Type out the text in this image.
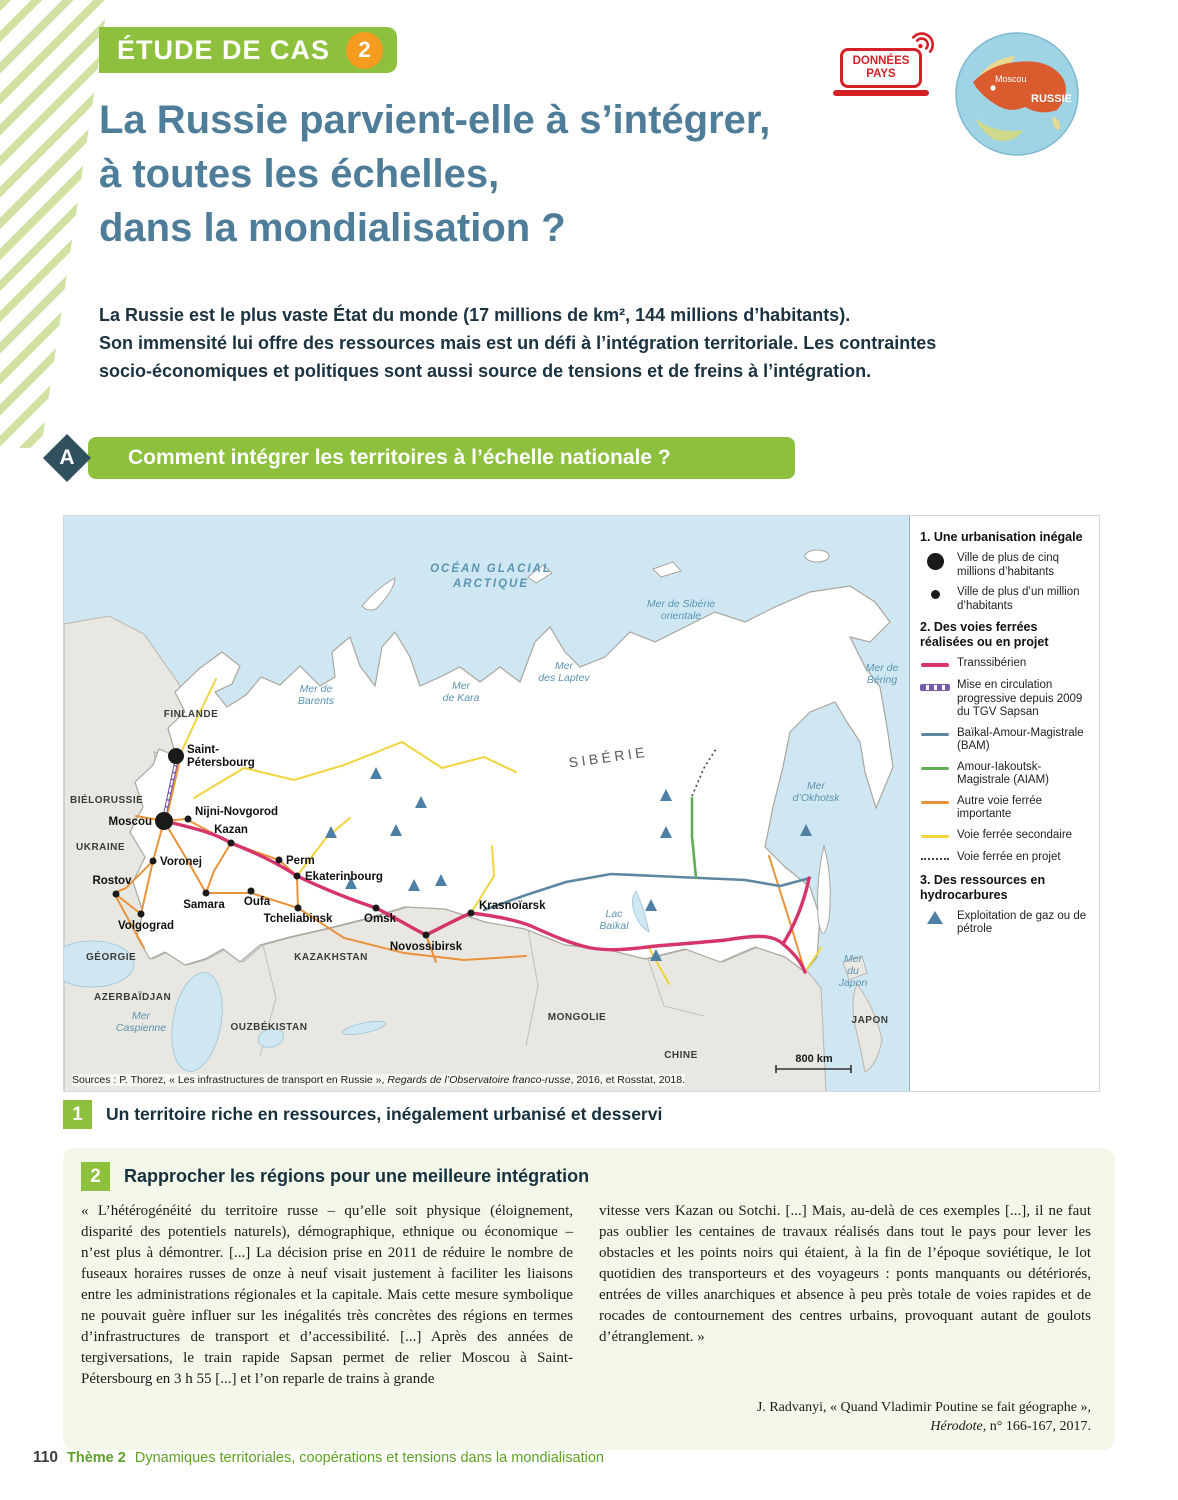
ÉTUDE DE CAS	2	DONNÉES
PAYS	Moscou
RUSSIE
La Russie parvient-elle à s’intégrer,
à toutes les échelles,
dans la mondialisation ?
La Russie est le plus vaste État du monde (17 millions de km², 144 millions d’habitants).
Son immensité lui offre des ressources mais est un défi à l’intégration territoriale. Les contraintes
socio-économiques et politiques sont aussi source de tensions et de freins à l’intégration.
Comment intégrer les territoires à l’échelle nationale ?
A
Saint-
Pétersbourg
Moscou
Nijni-Novgorod
Kazan
Voronej	Perm
Ekaterinbourg
Rostov
Samara Oufa
Tcheliabinsk	Omsk
Krasnoïarsk
Volgograd
Novossibirsk
OCÉAN GLACIAL
ARCTIQUE
Mer de Sibérie
orientale
Mer
des Laptev
Mer de
Béring
Mer de
Barents
Mer
de Kara
Mer
d’Okhotsk
Mer
du
Japon
Mer
Caspienne
Lac
Baïkal
SIBÉRIE
FINLANDE
BIÉLORUSSIE
UKRAINE
GÉORGIE
AZERBAÏDJAN
KAZAKHSTAN
OUZBÉKISTAN
MONGOLIE
CHINE
JAPON
800 km
Sources : P. Thorez, « Les infrastructures de transport en Russie », Regards de l’Observatoire franco-russe, 2016, et Rosstat, 2018.
1. Une urbanisation inégale
Ville de plus de cinq millions d’habitants
Ville de plus d’un million d’habitants
2. Des voies ferrées réalisées ou en projet
Transsibérien
Mise en circulation progressive depuis 2009 du TGV Sapsan
Baïkal-Amour-Magistrale (BAM)
Amour-Iakoutsk-Magistrale (AIAM)
Autre voie ferrée importante
Voie ferrée secondaire
Voie ferrée en projet
3. Des ressources en hydrocarbures
Exploitation de gaz ou de pétrole
1	Un territoire riche en ressources, inégalement urbanisé et desservi
2	Rapprocher les régions pour une meilleure intégration
« L’hétérogénéité du territoire russe – qu’elle soit physique (éloignement, disparité des potentiels naturels), démographique, ethnique ou économique – n’est plus à démontrer. [...] La décision prise en 2011 de réduire le nombre de fuseaux horaires russes de onze à neuf visait justement à faciliter les liaisons entre les administrations régionales et la capitale. Mais cette mesure symbolique ne pouvait guère influer sur les inégalités très concrètes des régions en termes d’infrastructures de transport et d’accessibilité. [...] Après des années de tergiversations, le train rapide Sapsan permet de relier Moscou à Saint-Pétersbourg en 3 h 55 [...] et l’on reparle de trains à grande
vitesse vers Kazan ou Sotchi. [...] Mais, au-delà de ces exemples [...], il ne faut pas oublier les centaines de travaux réalisés dans tout le pays pour lever les obstacles et les points noirs qui étaient, à la fin de l’époque soviétique, le lot quotidien des transporteurs et des voyageurs : ponts manquants ou détériorés, entrées de villes anarchiques et absence à peu près totale de voies rapides et de rocades de contournement des centres urbains, provoquant autant de goulots d’étranglement. »
J. Radvanyi, « Quand Vladimir Poutine se fait géographe »,
Hérodote, n° 166-167, 2017.
110 Thème 2 Dynamiques territoriales, coopérations et tensions dans la mondialisation
